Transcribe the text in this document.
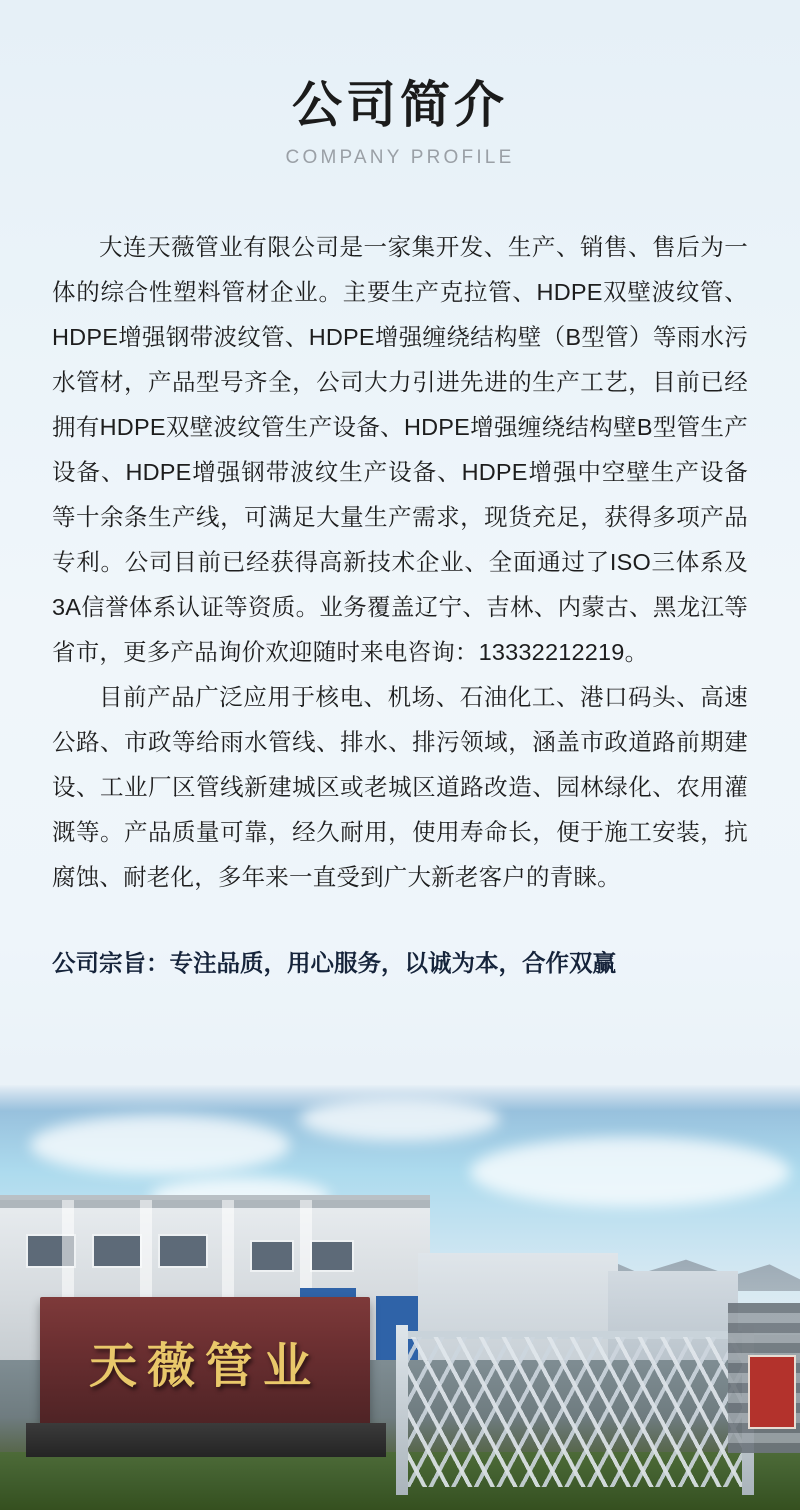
公司简介
COMPANY PROFILE

大连天薇管业有限公司是一家集开发、生产、销售、售后为一体的综合性塑料管材企业。主要生产克拉管、HDPE双壁波纹管、HDPE增强钢带波纹管、HDPE增强缠绕结构壁（B型管）等雨水污水管材，产品型号齐全，公司大力引进先进的生产工艺，目前已经拥有HDPE双壁波纹管生产设备、HDPE增强缠绕结构壁B型管生产设备、HDPE增强钢带波纹生产设备、HDPE增强中空壁生产设备等十余条生产线，可满足大量生产需求，现货充足，获得多项产品专利。公司目前已经获得高新技术企业、全面通过了ISO三体系及3A信誉体系认证等资质。业务覆盖辽宁、吉林、内蒙古、黑龙江等省市，更多产品询价欢迎随时来电咨询：13332212219。

目前产品广泛应用于核电、机场、石油化工、港口码头、高速公路、市政等给雨水管线、排水、排污领域，涵盖市政道路前期建设、工业厂区管线新建城区或老城区道路改造、园林绿化、农用灌溉等。产品质量可靠，经久耐用，使用寿命长，便于施工安装，抗腐蚀、耐老化，多年来一直受到广大新老客户的青睐。

公司宗旨：专注品质，用心服务，以诚为本，合作双赢
天薇管业
